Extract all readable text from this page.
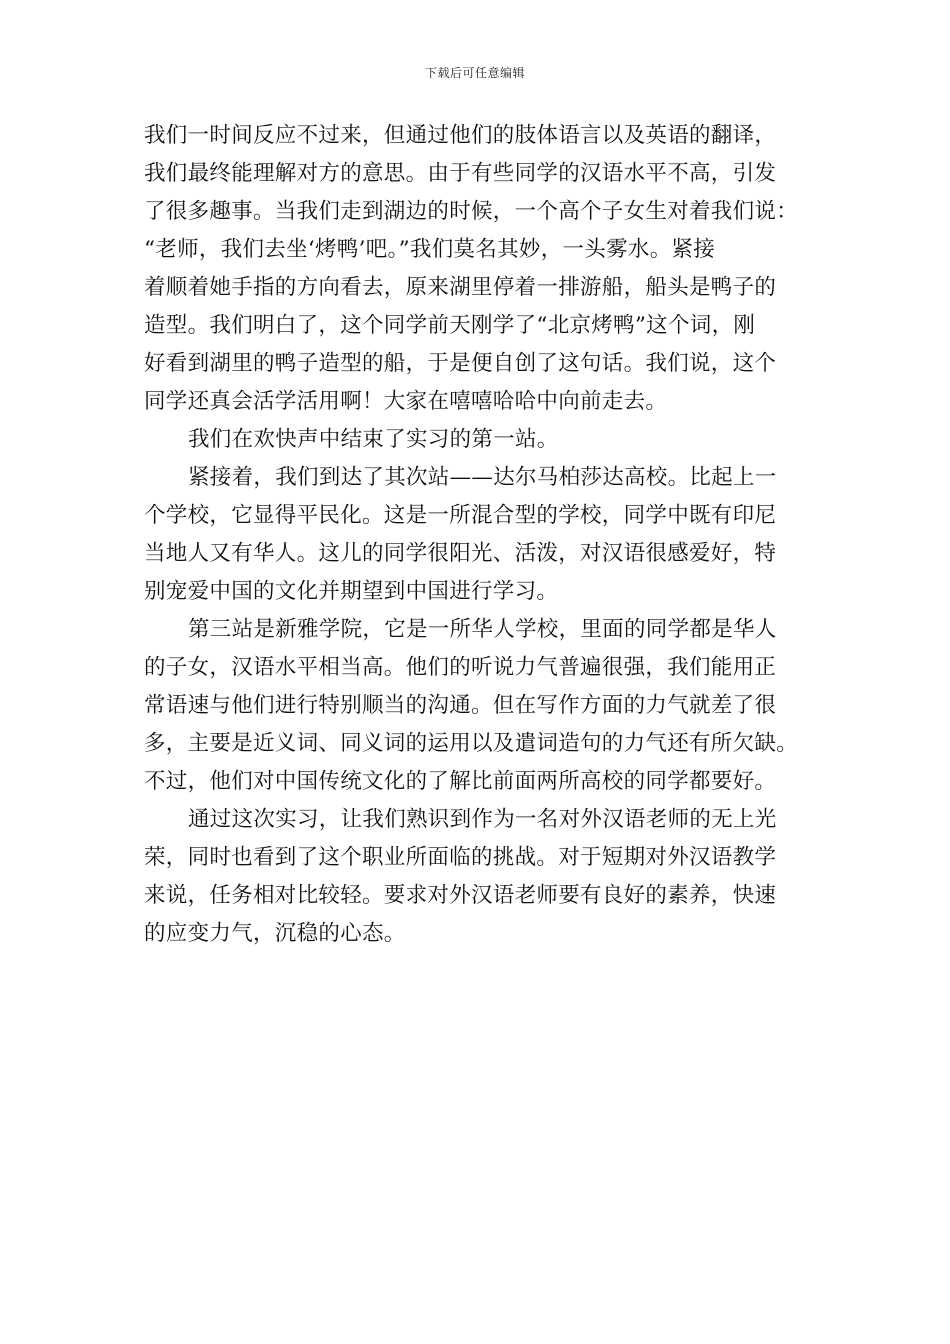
下载后可任意编辑
我们一时间反应不过来，但通过他们的肢体语言以及英语的翻译，
我们最终能理解对方的意思。由于有些同学的汉语水平不高，引发
了很多趣事。当我们走到湖边的时候，一个高个子女生对着我们说：
“老师，我们去坐‘烤鸭’吧。”我们莫名其妙，一头雾水。紧接
着顺着她手指的方向看去，原来湖里停着一排游船，船头是鸭子的
造型。我们明白了，这个同学前天刚学了“北京烤鸭”这个词，刚
好看到湖里的鸭子造型的船，于是便自创了这句话。我们说，这个
同学还真会活学活用啊！大家在嘻嘻哈哈中向前走去。
我们在欢快声中结束了实习的第一站。
紧接着，我们到达了其次站——达尔马柏莎达高校。比起上一
个学校，它显得平民化。这是一所混合型的学校，同学中既有印尼
当地人又有华人。这儿的同学很阳光、活泼，对汉语很感爱好，特
别宠爱中国的文化并期望到中国进行学习。
第三站是新雅学院，它是一所华人学校，里面的同学都是华人
的子女，汉语水平相当高。他们的听说力气普遍很强，我们能用正
常语速与他们进行特别顺当的沟通。但在写作方面的力气就差了很
多，主要是近义词、同义词的运用以及遣词造句的力气还有所欠缺。
不过，他们对中国传统文化的了解比前面两所高校的同学都要好。
通过这次实习，让我们熟识到作为一名对外汉语老师的无上光
荣，同时也看到了这个职业所面临的挑战。对于短期对外汉语教学
来说，任务相对比较轻。要求对外汉语老师要有良好的素养，快速
的应变力气，沉稳的心态。
